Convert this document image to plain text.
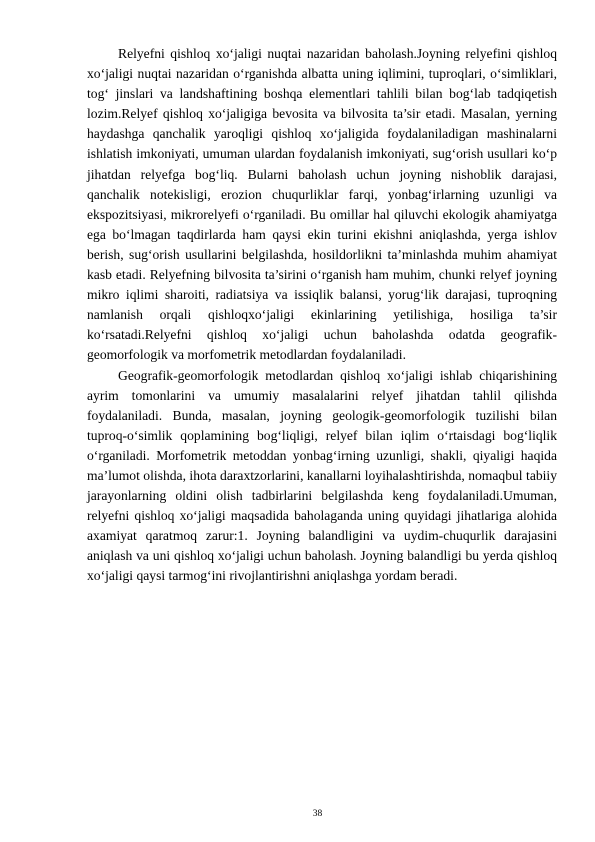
Relyefni qishloq xo‘jaligi nuqtai nazaridan baholash.Joyning relyefini qishloq xo‘jaligi nuqtai nazaridan o‘rganishda albatta uning iqlimini, tuproqlari, o‘simliklari, tog‘ jinslari va landshaftining boshqa elementlari tahlili bilan bog‘lab tadqiqetish lozim.Relyef qishloq xo‘jaligiga bevosita va bilvosita ta’sir etadi. Masalan, yerning haydashga qanchalik yaroqligi qishloq xo‘jaligida foydalaniladigan mashinalarni ishlatish imkoniyati, umuman ulardan foydalanish imkoniyati, sug‘orish usullari ko‘p jihatdan relyefga bog‘liq. Bularni baholash uchun joyning nishoblik darajasi, qanchalik notekisligi, erozion chuqurliklar farqi, yonbag‘irlarning uzunligi va ekspozitsiyasi, mikrorelyefi o‘rganiladi. Bu omillar hal qiluvchi ekologik ahamiyatga ega bo‘lmagan taqdirlarda ham qaysi ekin turini ekishni aniqlashda, yerga ishlov berish, sug‘orish usullarini belgilashda, hosildorlikni ta’minlashda muhim ahamiyat kasb etadi. Relyefning bilvosita ta’sirini o‘rganish ham muhim, chunki relyef joyning mikro iqlimi sharoiti, radiatsiya va issiqlik balansi, yorug‘lik darajasi, tuproqning namlanish orqali qishloqxo‘jaligi ekinlarining yetilishiga, hosiliga ta’sir ko‘rsatadi.Relyefni qishloq xo‘jaligi uchun baholashda odatda geografik-geomorfologik va morfometrik metodlardan foydalaniladi.

Geografik-geomorfologik metodlardan qishloq xo‘jaligi ishlab chiqarishining ayrim tomonlarini va umumiy masalalarini relyef jihatdan tahlil qilishda foydalaniladi. Bunda, masalan, joyning geologik-geomorfologik tuzilishi bilan tuproq-o‘simlik qoplamining bog‘liqligi, relyef bilan iqlim o‘rtaisdagi bog‘liqlik o‘rganiladi. Morfometrik metoddan yonbag‘irning uzunligi, shakli, qiyaligi haqida ma’lumot olishda, ihota daraxtzorlarini, kanallarni loyihalashtirishda, nomaqbul tabiiy jarayonlarning oldini olish tadbirlarini belgilashda keng foydalaniladi.Umuman, relyefni qishloq xo‘jaligi maqsadida baholaganda uning quyidagi jihatlariga alohida axamiyat qaratmoq zarur:1. Joyning balandligini va uydim-chuqurlik darajasini aniqlash va uni qishloq xo‘jaligi uchun baholash. Joyning balandligi bu yerda qishloq xo‘jaligi qaysi tarmog‘ini rivojlantirishni aniqlashga yordam beradi.

38
